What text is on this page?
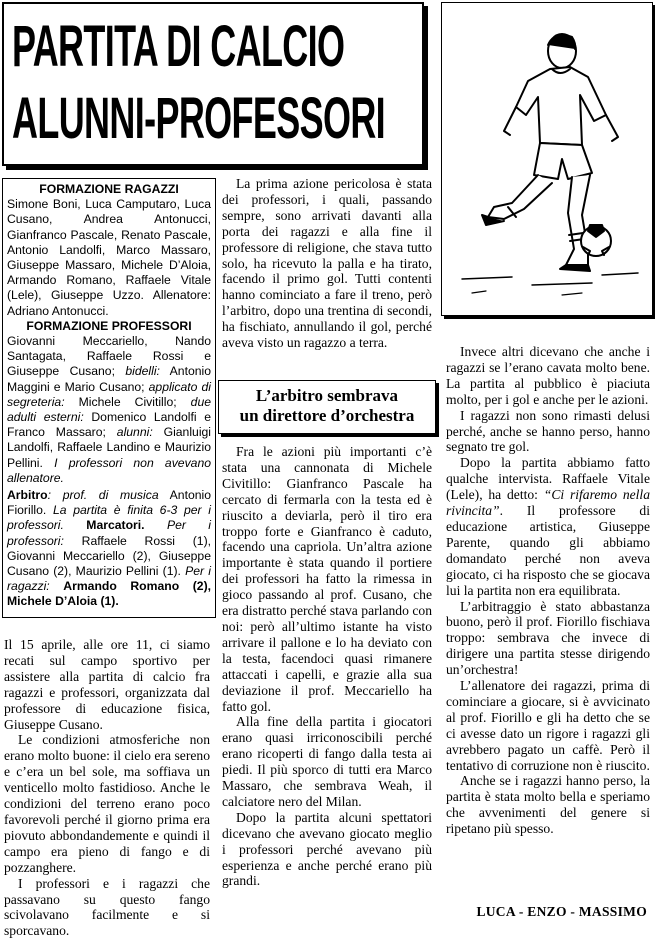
PARTITA DI CALCIO
ALUNNI-PROFESSORI
FORMAZIONE RAGAZZI

Simone Boni, Luca Camputaro, Luca Cusano, Andrea Antonucci, Gianfranco Pascale, Renato Pascale, Antonio Landolfi, Marco Massaro, Giuseppe Massaro, Michele D’Aloia, Armando Romano, Raffaele Vitale (Lele), Giuseppe Uzzo. Allenatore: Adriano Antonucci.

FORMAZIONE PROFESSORI

Giovanni Meccariello, Nando Santagata, Raffaele Rossi e Giuseppe Cusano; bidelli: Antonio Maggini e Mario Cusano; applicato di segreteria: Michele Civitillo; due adulti esterni: Domenico Landolfi e Franco Massaro; alunni: Gianluigi Landolfi, Raffaele Landino e Maurizio Pellini. I professori non avevano allenatore.

Arbitro: prof. di musica Antonio Fiorillo. La partita è finita 6-3 per i professori. Marcatori. Per i professori: Raffaele Rossi (1), Giovanni Meccariello (2), Giuseppe Cusano (2), Maurizio Pellini (1). Per i ragazzi: Armando Romano (2), Michele D’Aloia (1).

Il 15 aprile, alle ore 11, ci siamo recati sul campo sportivo per assistere alla partita di calcio fra ragazzi e professori, organizzata dal professore di educazione fisica, Giuseppe Cusano.

Le condizioni atmosferiche non erano molto buone: il cielo era sereno e c’era un bel sole, ma soffiava un venticello molto fastidioso. Anche le condizioni del terreno erano poco favorevoli perché il giorno prima era piovuto abbondandemente e quindi il campo era pieno di fango e di pozzanghere.

I professori e i ragazzi che passavano su questo fango scivolavano facilmente e si sporcavano.

La prima azione pericolosa è stata dei professori, i quali, passando sempre, sono arrivati davanti alla porta dei ragazzi e alla fine il professore di religione, che stava tutto solo, ha ricevuto la palla e ha tirato, facendo il primo gol. Tutti contenti hanno cominciato a fare il treno, però l’arbitro, dopo una trentina di secondi, ha fischiato, annullando il gol, perché aveva visto un ragazzo a terra.

L’arbitro sembrava
un direttore d’orchestra

Fra le azioni più importanti c’è stata una cannonata di Michele Civitillo: Gianfranco Pascale ha cercato di fermarla con la testa ed è riuscito a deviarla, però il tiro era troppo forte e Gianfranco è caduto, facendo una capriola. Un’altra azione importante è stata quando il portiere dei professori ha fatto la rimessa in gioco passando al prof. Cusano, che era distratto perché stava parlando con noi: però all’ultimo istante ha visto arrivare il pallone e lo ha deviato con la testa, facendoci quasi rimanere attaccati i capelli, e grazie alla sua deviazione il prof. Meccariello ha fatto gol.

Alla fine della partita i giocatori erano quasi irriconoscibili perché erano ricoperti di fango dalla testa ai piedi. Il più sporco di tutti era Marco Massaro, che sembrava Weah, il calciatore nero del Milan.

Dopo la partita alcuni spettatori dicevano che avevano giocato meglio i professori perché avevano più esperienza e anche perché erano più grandi.

Invece altri dicevano che anche i ragazzi se l’erano cavata molto bene. La partita al pubblico è piaciuta molto, per i gol e anche per le azioni.

I ragazzi non sono rimasti delusi perché, anche se hanno perso, hanno segnato tre gol.

Dopo la partita abbiamo fatto qualche intervista. Raffaele Vitale (Lele), ha detto: “Ci rifaremo nella rivincita”. Il professore di educazione artistica, Giuseppe Parente, quando gli abbiamo domandato perché non aveva giocato, ci ha risposto che se giocava lui la partita non era equilibrata.

L’arbitraggio è stato abbastanza buono, però il prof. Fiorillo fischiava troppo: sembrava che invece di dirigere una partita stesse dirigendo un’orchestra!

L’allenatore dei ragazzi, prima di cominciare a giocare, si è avvicinato al prof. Fiorillo e gli ha detto che se ci avesse dato un rigore i ragazzi gli avrebbero pagato un caffè. Però il tentativo di corruzione non è riuscito.

Anche se i ragazzi hanno perso, la partita è stata molto bella e speriamo che avvenimenti del genere si ripetano più spesso.

LUCA - ENZO - MASSIMO
